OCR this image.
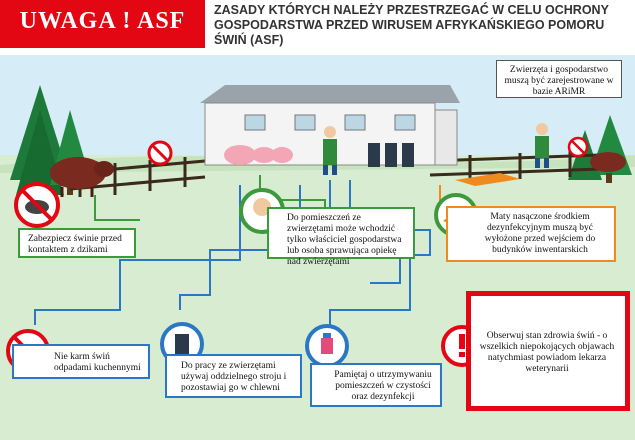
UWAGA ! ASF	ZASADY KTÓRYCH NALEŻY PRZESTRZEGAĆ W CELU OCHRONY
GOSPODARSTWA PRZED WIRUSEM AFRYKAŃSKIEGO POMORU
ŚWIŃ (ASF)
Zwierzęta i gospodarstwo muszą być zarejestrowane w bazie ARiMR
Zabezpiecz świnie przed kontaktem z dzikami
Do pomieszczeń ze zwierzętami może wchodzić tylko właściciel gospodarstwa lub osoba sprawująca opiekę nad zwierzętami
Maty nasączone środkiem dezynfekcyjnym muszą być wyłożone przed wejściem do budynków inwentarskich
Nie karm świń odpadami kuchennymi	Do pracy ze zwierzętami używaj oddzielnego stroju i pozostawiaj go w chlewni
Pamiętaj o utrzymywaniu pomieszczeń w czystości oraz dezynfekcji
Obserwuj stan zdrowia świń - o wszelkich niepokojących objawach natychmiast powiadom lekarza weterynarii
